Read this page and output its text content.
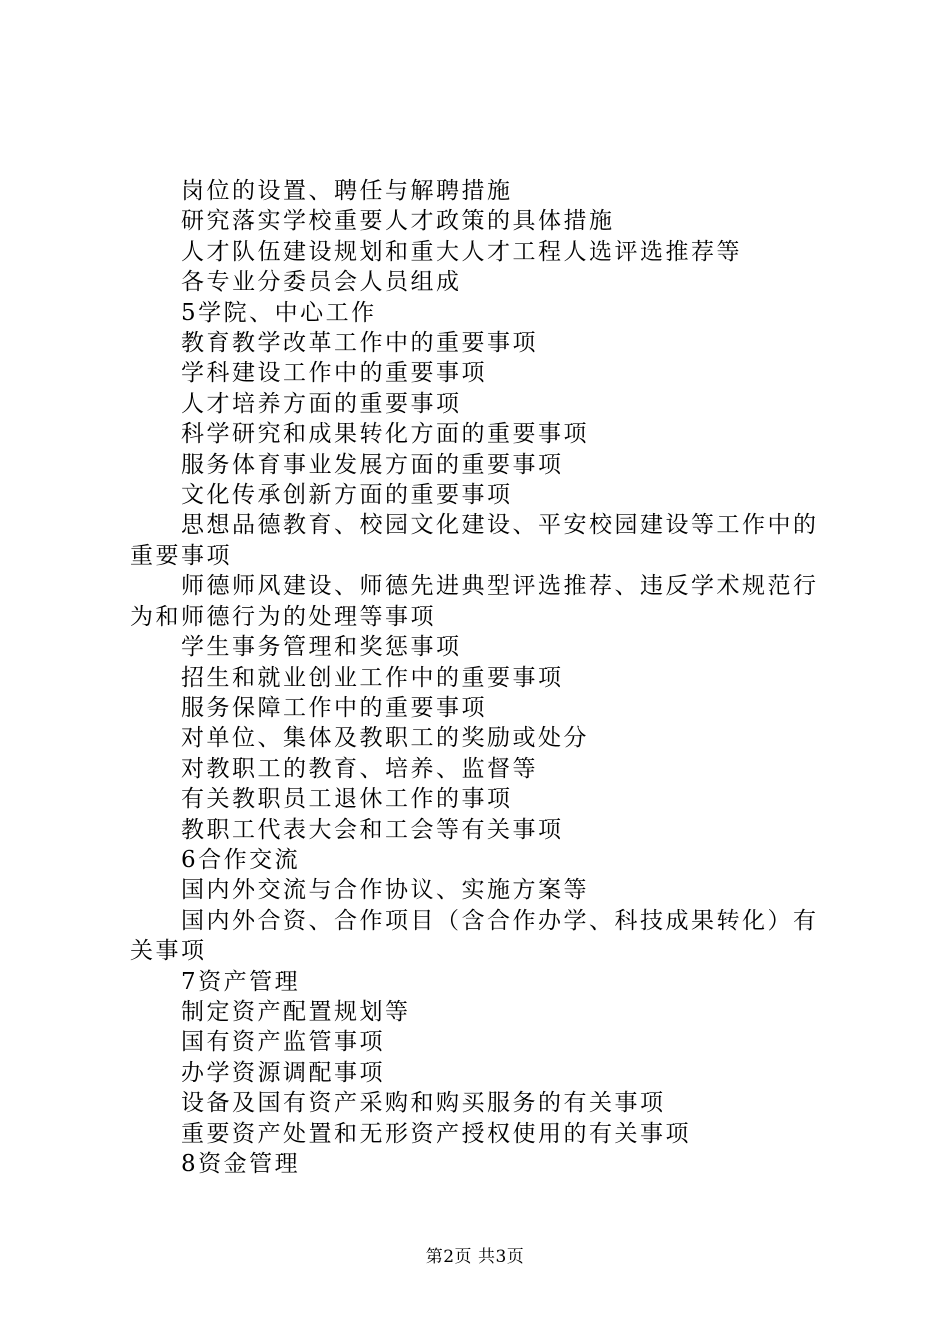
岗位的设置、聘任与解聘措施
研究落实学校重要人才政策的具体措施
人才队伍建设规划和重大人才工程人选评选推荐等
各专业分委员会人员组成
5学院、中心工作
教育教学改革工作中的重要事项
学科建设工作中的重要事项
人才培养方面的重要事项
科学研究和成果转化方面的重要事项
服务体育事业发展方面的重要事项
文化传承创新方面的重要事项
思想品德教育、校园文化建设、平安校园建设等工作中的重要事项
师德师风建设、师德先进典型评选推荐、违反学术规范行为和师德行为的处理等事项
学生事务管理和奖惩事项
招生和就业创业工作中的重要事项
服务保障工作中的重要事项
对单位、集体及教职工的奖励或处分
对教职工的教育、培养、监督等
有关教职员工退休工作的事项
教职工代表大会和工会等有关事项
6合作交流
国内外交流与合作协议、实施方案等
国内外合资、合作项目（含合作办学、科技成果转化）有关事项
7资产管理
制定资产配置规划等
国有资产监管事项
办学资源调配事项
设备及国有资产采购和购买服务的有关事项
重要资产处置和无形资产授权使用的有关事项
8资金管理
第2页 共3页
